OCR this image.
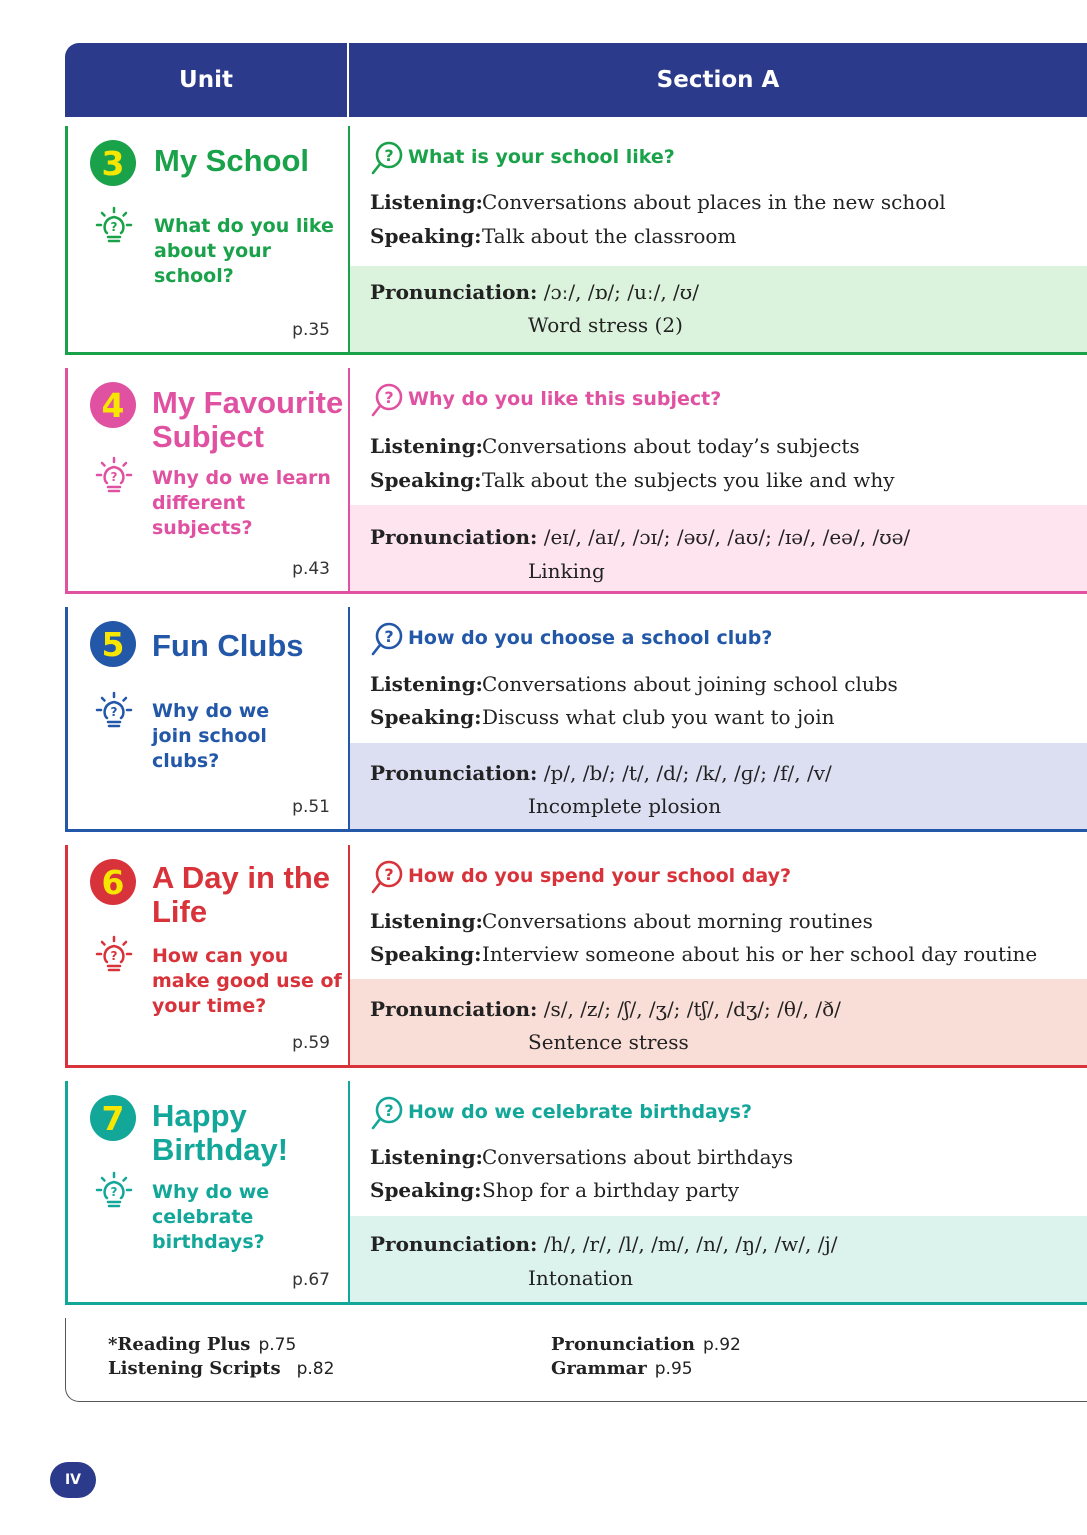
Unit	Section A
3 My School
? What do you like about your school?
p.35
? What is your school like?
Listening:Conversations about places in the new school
Speaking:Talk about the classroom
Pronunciation: /ɔː/, /ɒ/; /uː/, /ʊ/
Word stress (2)
4 My Favourite Subject
? Why do we learn different subjects?
p.43
? Why do you like this subject?
Listening:Conversations about today’s subjects
Speaking:Talk about the subjects you like and why
Pronunciation: /eɪ/, /aɪ/, /ɔɪ/; /əʊ/, /aʊ/; /ɪə/, /eə/, /ʊə/
Linking
5 Fun Clubs
? Why do we join school clubs?
p.51
? How do you choose a school club?
Listening:Conversations about joining school clubs
Speaking:Discuss what club you want to join
Pronunciation: /p/, /b/; /t/, /d/; /k/, /ɡ/; /f/, /v/
Incomplete plosion
6 A Day in the Life
? How can you make good use of your time?
p.59
? How do you spend your school day?
Listening:Conversations about morning routines
Speaking:Interview someone about his or her school day routine
Pronunciation: /s/, /z/; /ʃ/, /ʒ/; /tʃ/, /dʒ/; /θ/, /ð/
Sentence stress
7 Happy Birthday!
? Why do we celebrate birthdays?
p.67
? How do we celebrate birthdays?
Listening:Conversations about birthdays
Speaking:Shop for a birthday party
Pronunciation: /h/, /r/, /l/, /m/, /n/, /ŋ/, /w/, /j/
Intonation
*Reading Plus p.75
Listening Scripts p.82
Pronunciation p.92
Grammar p.95
IV
